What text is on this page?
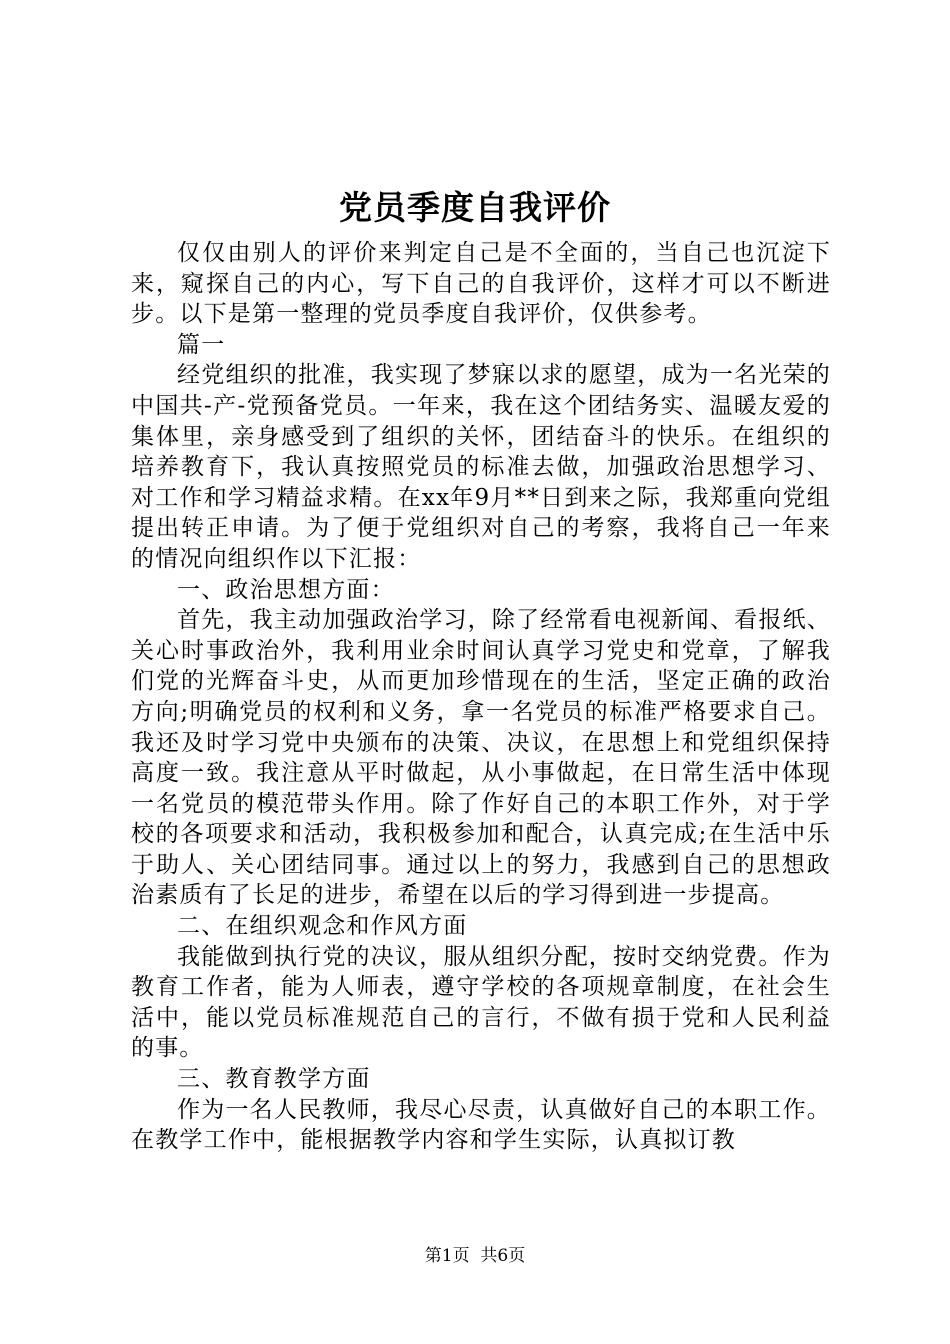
党员季度自我评价

仅仅由别人的评价来判定自己是不全面的，当自己也沉淀下来，窥探自己的内心，写下自己的自我评价，这样才可以不断进步。以下是第一整理的党员季度自我评价，仅供参考。

篇一

经党组织的批准，我实现了梦寐以求的愿望，成为一名光荣的中国共-产-党预备党员。一年来，我在这个团结务实、温暖友爱的集体里，亲身感受到了组织的关怀，团结奋斗的快乐。在组织的培养教育下，我认真按照党员的标准去做，加强政治思想学习、对工作和学习精益求精。在xx年9月**日到来之际，我郑重向党组提出转正申请。为了便于党组织对自己的考察，我将自己一年来的情况向组织作以下汇报：

一、政治思想方面：

首先，我主动加强政治学习，除了经常看电视新闻、看报纸、关心时事政治外，我利用业余时间认真学习党史和党章，了解我们党的光辉奋斗史，从而更加珍惜现在的生活，坚定正确的政治方向;明确党员的权利和义务，拿一名党员的标准严格要求自己。我还及时学习党中央颁布的决策、决议，在思想上和党组织保持高度一致。我注意从平时做起，从小事做起，在日常生活中体现一名党员的模范带头作用。除了作好自己的本职工作外，对于学校的各项要求和活动，我积极参加和配合，认真完成;在生活中乐于助人、关心团结同事。通过以上的努力，我感到自己的思想政治素质有了长足的进步，希望在以后的学习得到进一步提高。

二、在组织观念和作风方面

我能做到执行党的决议，服从组织分配，按时交纳党费。作为教育工作者，能为人师表，遵守学校的各项规章制度，在社会生活中，能以党员标准规范自己的言行，不做有损于党和人民利益的事。

三、教育教学方面

作为一名人民教师，我尽心尽责，认真做好自己的本职工作。在教学工作中，能根据教学内容和学生实际，认真拟订教

第1页 共6页
